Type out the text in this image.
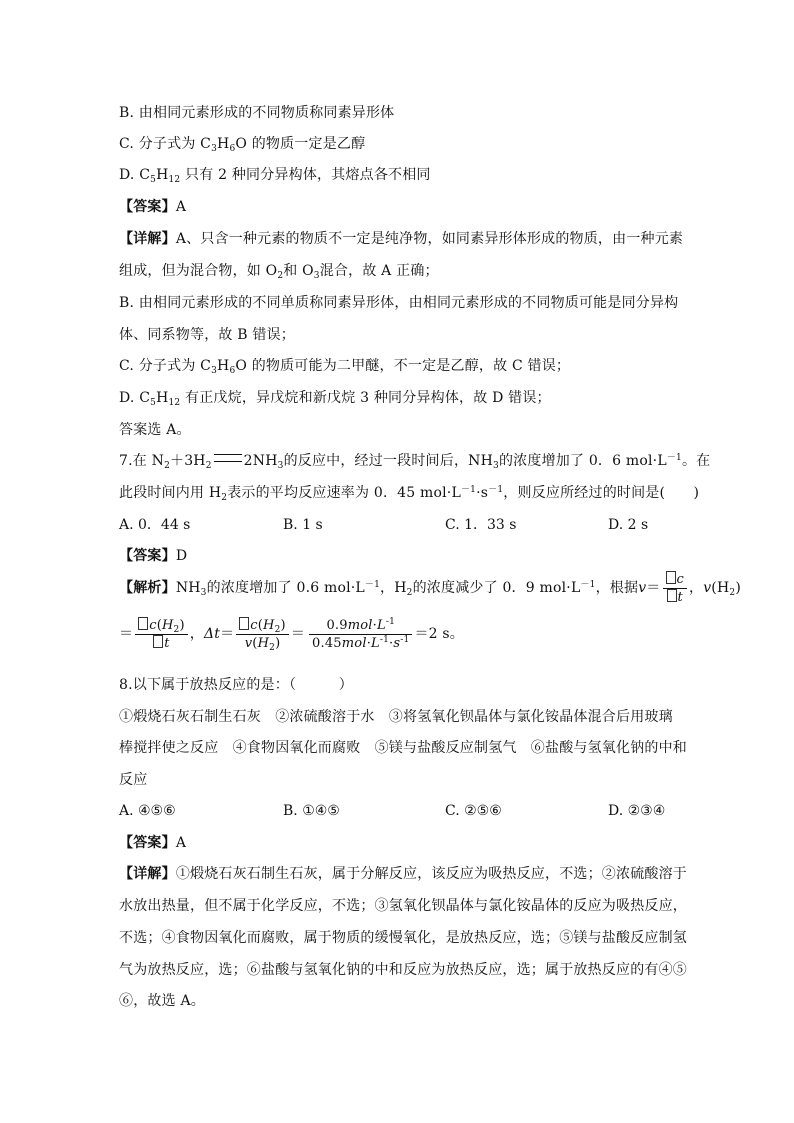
B. 由相同元素形成的不同物质称同素异形体
C. 分子式为 $C_3H_6O$ 的物质一定是乙醇
D. $C_5H_{12}$ 只有 2 种同分异构体，其熔点各不相同
【答案】A
【详解】A、只含一种元素的物质不一定是纯净物，如同素异形体形成的物质，由一种元素
组成，但为混合物，如 $O_2$和 $O_3$混合，故 A 正确；
B. 由相同元素形成的不同单质称同素异形体，由相同元素形成的不同物质可能是同分异构
体、同系物等，故 B 错误；
C. 分子式为 $C_3H_6O$ 的物质可能为二甲醚，不一定是乙醇，故 C 错误；
D. $C_5H_{12}$ 有正戊烷，异戊烷和新戊烷 3 种同分异构体，故 D 错误；
答案选 A。
7.在 $N_2+3H_2$ $2NH_3$的反应中，经过一段时间后，$NH_3$的浓度增加了 0．6 $mol\cdot L^{-1}$。在
此段时间内用 $H_2$表示的平均反应速率为 0．45 $mol\cdot L^{-1}\cdot s^{-1}$，则反应所经过的时间是(　　)
A. 0．44 s	B. 1 s	C. 1．33 s	D. 2 s
【答案】D
【解析】$NH_3$的浓度增加了 0.6 $mol\cdot L^{-1}$，$H_2$的浓度减少了 0．9 $mol\cdot L^{-1}$，根据$v= \frac{c}{t}$ ，$v(H_2)$
＝ $\frac{c(H_2)}{t}$ ，$\Delta t= \frac{c(H_2)}{v(H_2)} = \frac{0.9mol\cdot L^{-1}}{0.45mol\cdot L^{-1}\cdot s^{-1}} =2$ s。
8.以下属于放热反应的是：（　　　）
①煅烧石灰石制生石灰　②浓硫酸溶于水　③将氢氧化钡晶体与氯化铵晶体混合后用玻璃
棒搅拌使之反应　④食物因氧化而腐败　⑤镁与盐酸反应制氢气　⑥盐酸与氢氧化钠的中和
反应
A. ④⑤⑥	B. ①④⑤	C. ②⑤⑥	D. ②③④
【答案】A
【详解】①煅烧石灰石制生石灰，属于分解反应，该反应为吸热反应，不选；②浓硫酸溶于
水放出热量，但不属于化学反应，不选；③氢氧化钡晶体与氯化铵晶体的反应为吸热反应，
不选；④食物因氧化而腐败，属于物质的缓慢氧化，是放热反应，选；⑤镁与盐酸反应制氢
气为放热反应，选；⑥盐酸与氢氧化钠的中和反应为放热反应，选；属于放热反应的有④⑤
⑥，故选 A。
